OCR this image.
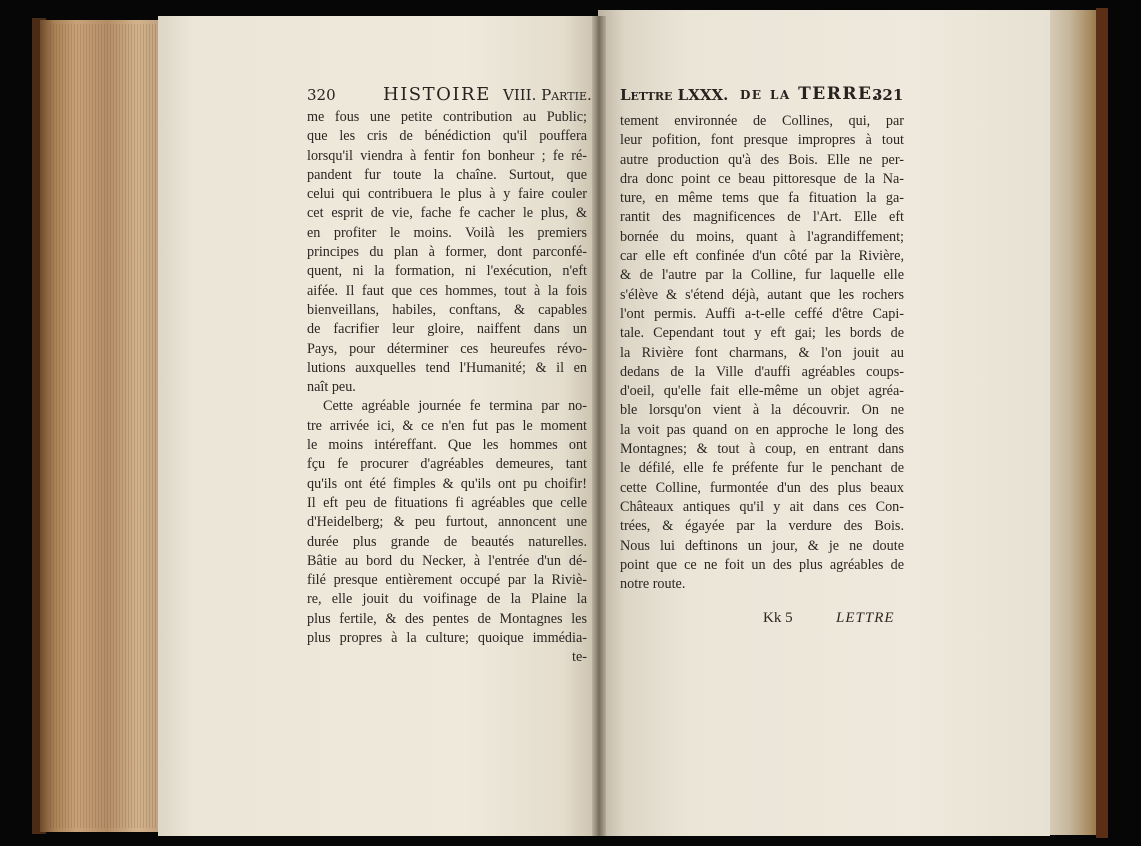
320	HISTOIRE VIII. Partie.
me fous une petite contribution au Public;
que les cris de bénédiction qu'il pouffera
lorsqu'il viendra à fentir fon bonheur ; fe ré-
pandent fur toute la chaîne. Surtout, que
celui qui contribuera le plus à y faire couler
cet esprit de vie, fache fe cacher le plus, &
en profiter le moins. Voilà les premiers
principes du plan à former, dont parconfé-
quent, ni la formation, ni l'exécution, n'eft
aifée. Il faut que ces hommes, tout à la fois
bienveillans, habiles, conftans, & capables
de facrifier leur gloire, naiffent dans un
Pays, pour déterminer ces heureufes révo-
lutions auxquelles tend l'Humanité; & il en
naît peu.
Cette agréable journée fe termina par no-
tre arrivée ici, & ce n'en fut pas le moment
le moins intéreffant. Que les hommes ont
fçu fe procurer d'agréables demeures, tant
qu'ils ont été fimples & qu'ils ont pu choifir!
Il eft peu de fituations fi agréables que celle
d'Heidelberg; & peu furtout, annoncent une
durée plus grande de beautés naturelles.
Bâtie au bord du Necker, à l'entrée d'un dé-
filé presque entièrement occupé par la Riviè-
re, elle jouit du voifinage de la Plaine la
plus fertile, & des pentes de Montagnes les
plus propres à la culture; quoique immédia-
te-
Lettre LXXX. de la TERRE.
321
tement environnée de Collines, qui, par
leur pofition, font presque impropres à tout
autre production qu'à des Bois. Elle ne per-
dra donc point ce beau pittoresque de la Na-
ture, en même tems que fa fituation la ga-
rantit des magnificences de l'Art. Elle eft
bornée du moins, quant à l'agrandiffement;
car elle eft confinée d'un côté par la Rivière,
& de l'autre par la Colline, fur laquelle elle
s'élève & s'étend déjà, autant que les rochers
l'ont permis. Auffi a-t-elle ceffé d'être Capi-
tale. Cependant tout y eft gai; les bords de
la Rivière font charmans, & l'on jouit au
dedans de la Ville d'auffi agréables coups-
d'oeil, qu'elle fait elle-même un objet agréa-
ble lorsqu'on vient à la découvrir. On ne
la voit pas quand on en approche le long des
Montagnes; & tout à coup, en entrant dans
le défilé, elle fe préfente fur le penchant de
cette Colline, furmontée d'un des plus beaux
Châteaux antiques qu'il y ait dans ces Con-
trées, & égayée par la verdure des Bois.
Nous lui deftinons un jour, & je ne doute
point que ce ne foit un des plus agréables de
notre route.
Kk 5	LETTRE
